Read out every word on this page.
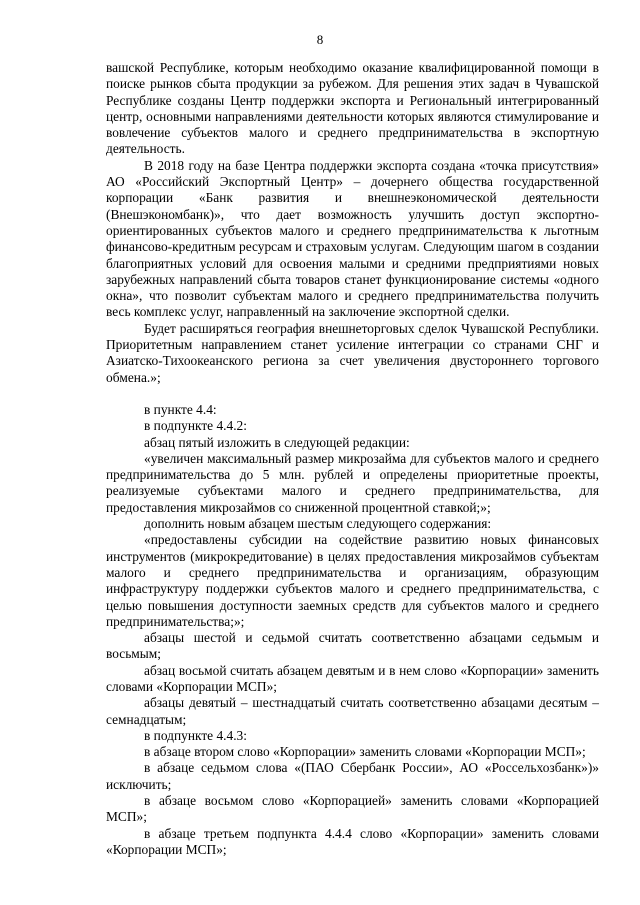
8

вашской Республике, которым необходимо оказание квалифицированной помощи в поиске рынков сбыта продукции за рубежом. Для решения этих задач в Чувашской Республике созданы Центр поддержки экспорта и Региональный интегрированный центр, основными направлениями деятельности которых являются стимулирование и вовлечение субъектов малого и среднего предпринимательства в экспортную деятельность.

В 2018 году на базе Центра поддержки экспорта создана «точка присутствия» АО «Российский Экспортный Центр» – дочернего общества государственной корпорации «Банк развития и внешнеэкономической деятельности (Внешэкономбанк)», что дает возможность улучшить доступ экспортно-ориентированных субъектов малого и среднего предпринимательства к льготным финансово-кредитным ресурсам и страховым услугам. Следующим шагом в создании благоприятных условий для освоения малыми и средними предприятиями новых зарубежных направлений сбыта товаров станет функционирование системы «одного окна», что позволит субъектам малого и среднего предпринимательства получить весь комплекс услуг, направленный на заключение экспортной сделки.

Будет расширяться география внешнеторговых сделок Чувашской Республики. Приоритетным направлением станет усиление интеграции со странами СНГ и Азиатско-Тихоокеанского региона за счет увеличения двустороннего торгового обмена.»;

в пункте 4.4:

в подпункте 4.4.2:

абзац пятый изложить в следующей редакции:

«увеличен максимальный размер микрозайма для субъектов малого и среднего предпринимательства до 5 млн. рублей и определены приоритетные проекты, реализуемые субъектами малого и среднего предпринимательства, для предоставления микрозаймов со сниженной процентной ставкой;»;

дополнить новым абзацем шестым следующего содержания:

«предоставлены субсидии на содействие развитию новых финансовых инструментов (микрокредитование) в целях предоставления микрозаймов субъектам малого и среднего предпринимательства и организациям, образующим инфраструктуру поддержки субъектов малого и среднего предпринимательства, с целью повышения доступности заемных средств для субъектов малого и среднего предпринимательства;»;

абзацы шестой и седьмой считать соответственно абзацами седьмым и восьмым;

абзац восьмой считать абзацем девятым и в нем слово «Корпорации» заменить словами «Корпорации МСП»;

абзацы девятый – шестнадцатый считать соответственно абзацами десятым – семнадцатым;

в подпункте 4.4.3:

в абзаце втором слово «Корпорации» заменить словами «Корпорации МСП»;

в абзаце седьмом слова «(ПАО Сбербанк России», АО «Россельхозбанк»)» исключить;

в абзаце восьмом слово «Корпорацией» заменить словами «Корпорацией МСП»;

в абзаце третьем подпункта 4.4.4 слово «Корпорации» заменить словами «Корпорации МСП»;
